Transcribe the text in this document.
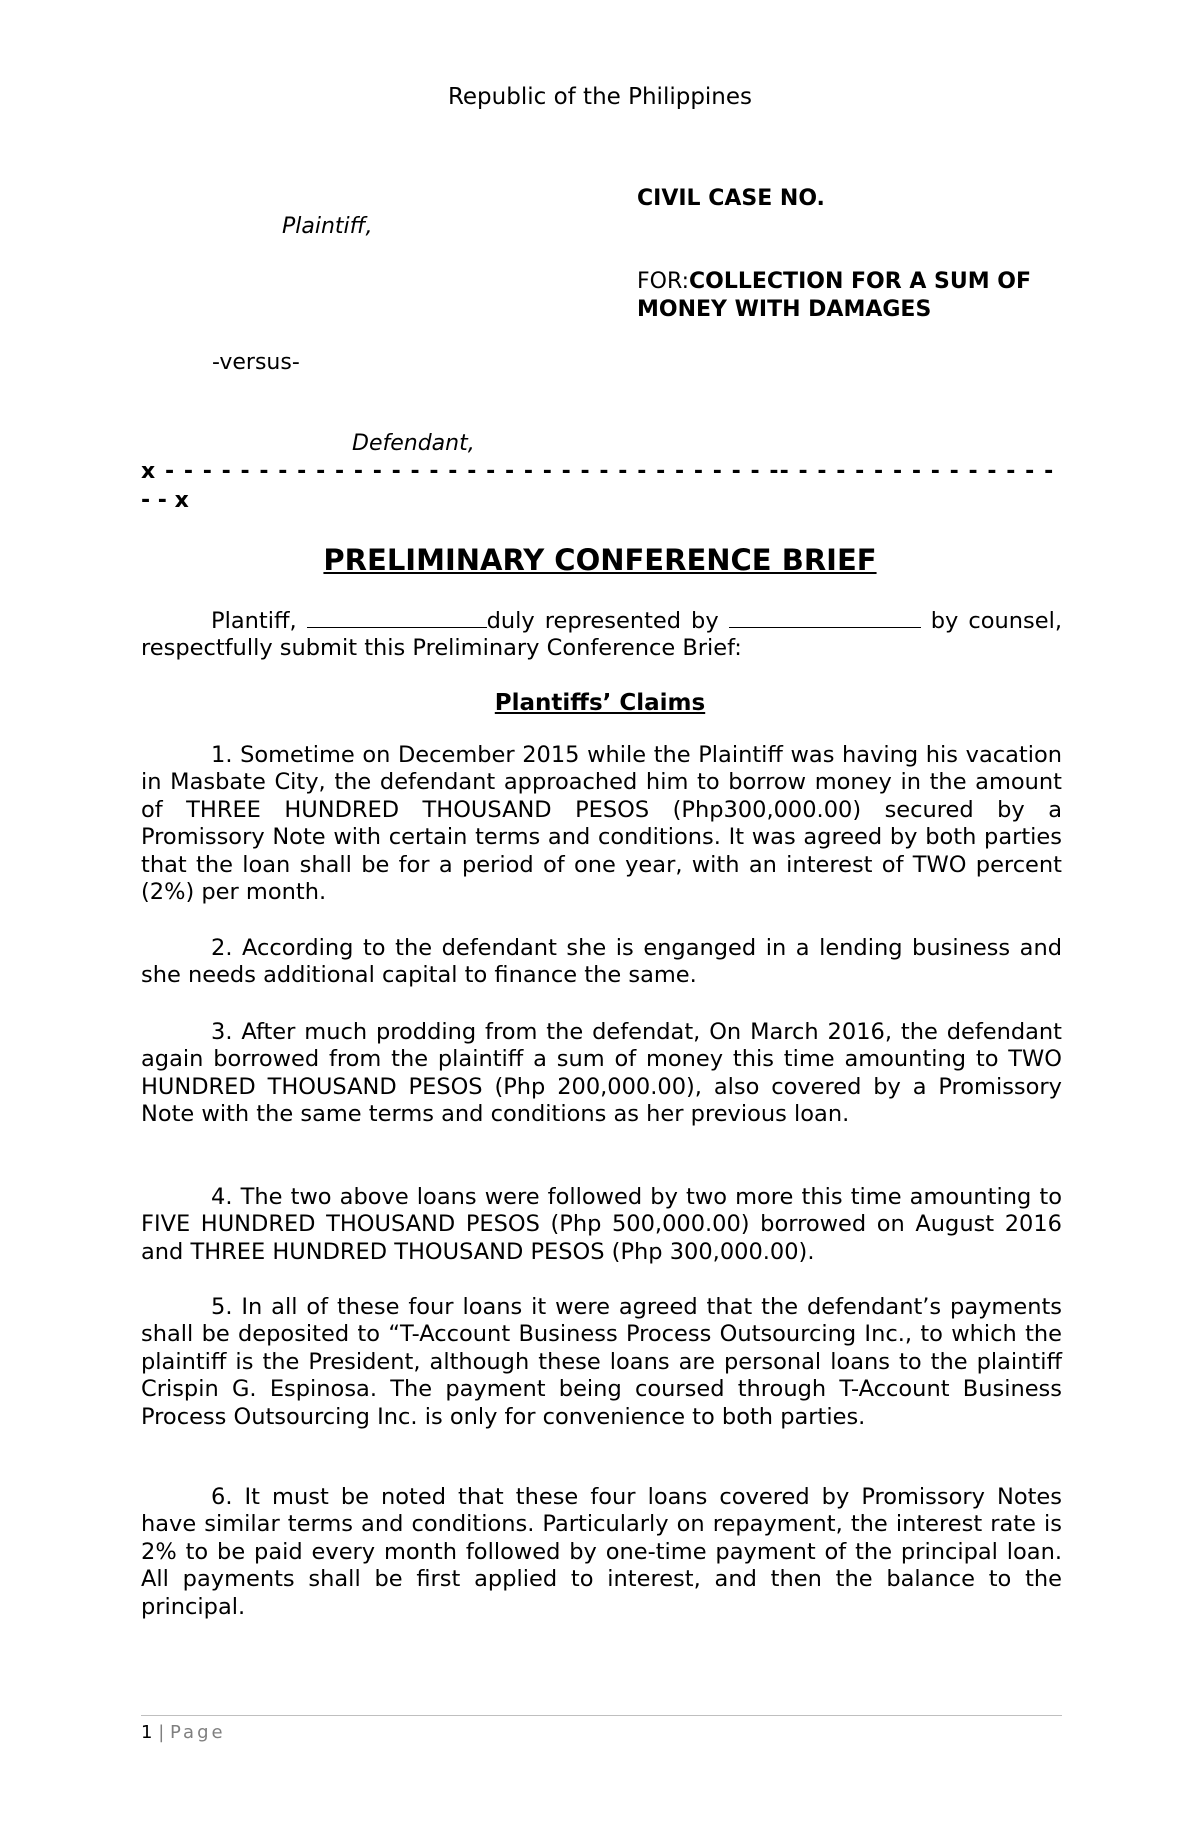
Republic of the Philippines
CIVIL CASE NO.
Plaintiff,
FOR:COLLECTION FOR A SUM OF MONEY WITH DAMAGES
-versus-
Defendant,
x - - - - - - - - - - - - - - - - - - - - - - - - - - - - - - - - -- - - - - - - - - - - - - - -
- - x
PRELIMINARY CONFERENCE BRIEF
Plantiff,	duly represented by	by counsel, respectfully submit this Preliminary Conference Brief:
Plantiffs’ Claims
1. Sometime on December 2015 while the Plaintiff was having his vacation in Masbate City, the defendant approached him to borrow money in the amount of THREE HUNDRED THOUSAND PESOS (Php300,000.00) secured by a Promissory Note with certain terms and conditions. It was agreed by both parties that the loan shall be for a period of one year, with an interest of TWO percent (2%) per month.
2. According to the defendant she is enganged in a lending business and she needs additional capital to finance the same.
3. After much prodding from the defendat, On March 2016, the defendant again borrowed from the plaintiff a sum of money this time amounting to TWO HUNDRED THOUSAND PESOS (Php 200,000.00), also covered by a Promissory Note with the same terms and conditions as her previous loan.
4. The two above loans were followed by two more this time amounting to FIVE HUNDRED THOUSAND PESOS (Php 500,000.00) borrowed on August 2016 and THREE HUNDRED THOUSAND PESOS (Php 300,000.00).
5. In all of these four loans it were agreed that the defendant’s payments shall be deposited to “T-Account Business Process Outsourcing Inc., to which the plaintiff is the President, although these loans are personal loans to the plaintiff Crispin G. Espinosa. The payment being coursed through T-Account Business Process Outsourcing Inc. is only for convenience to both parties.
6. It must be noted that these four loans covered by Promissory Notes have similar terms and conditions. Particularly on repayment, the interest rate is 2% to be paid every month followed by one-time payment of the principal loan. All payments shall be first applied to interest, and then the balance to the principal.
1 | Page
